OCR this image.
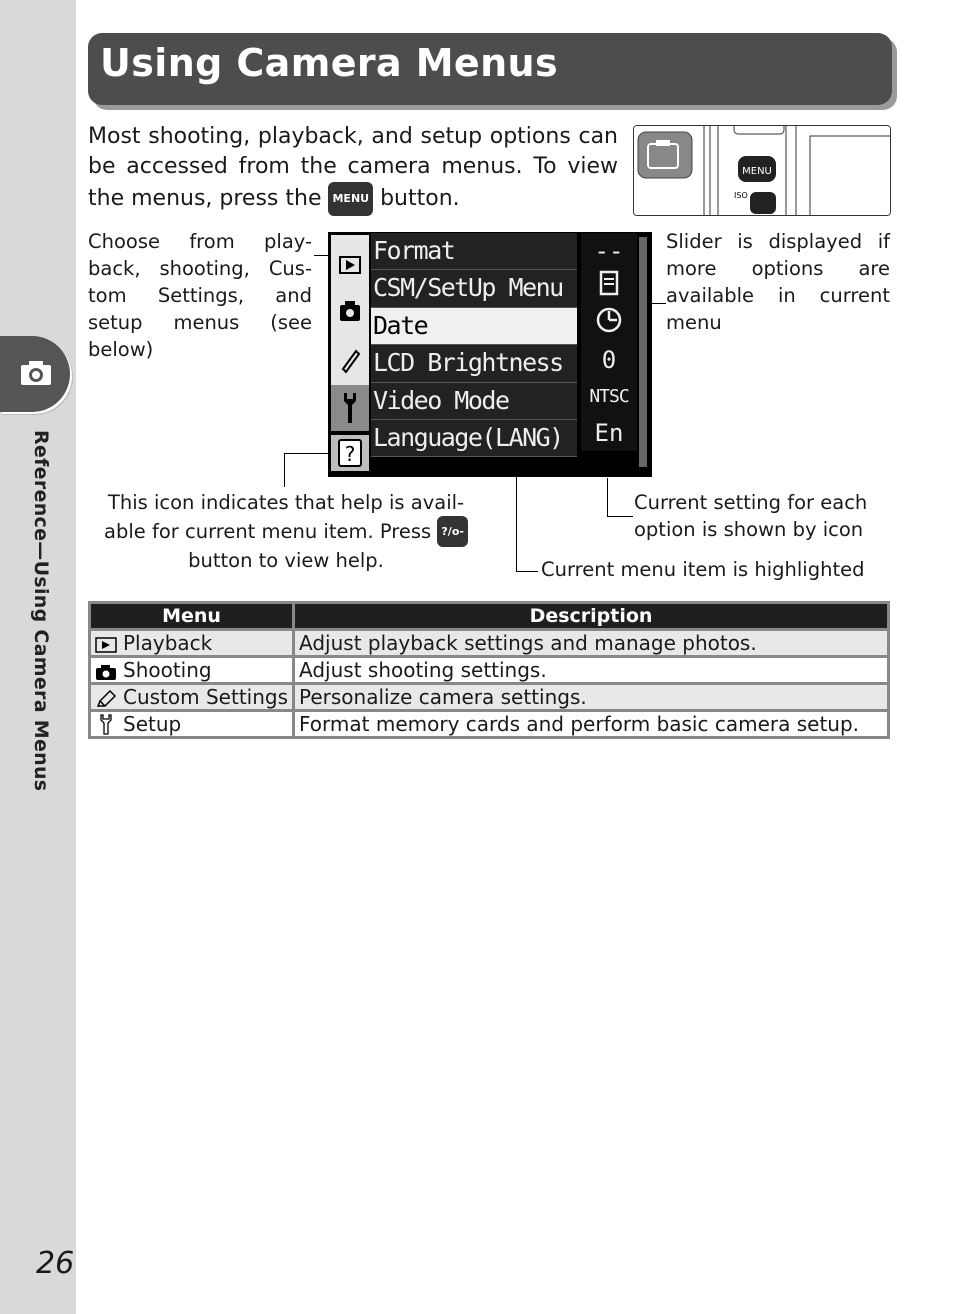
Reference—Using Camera Menus
26
Using Camera Menus
Most shooting, playback, and setup options can be accessed from the camera menus. To view the menus, press the MENU button.
MENU
ISO
Choose from play-back, shooting, Cus-tom Settings, and setup menus (see below)
Slider is displayed if more options are available in current menu
This icon indicates that help is avail-able for current menu item. Press ?/o- button to view help.
Current setting for each option is shown by icon
Current menu item is highlighted
?
Format
CSM/SetUp Menu
Date
LCD Brightness
Video Mode
Language(LANG)
--
0
NTSC
En
Menu	Description
Playback	Adjust playback settings and manage photos.
Shooting	Adjust shooting settings.
Custom Settings	Personalize camera settings.
Setup	Format memory cards and perform basic camera setup.
